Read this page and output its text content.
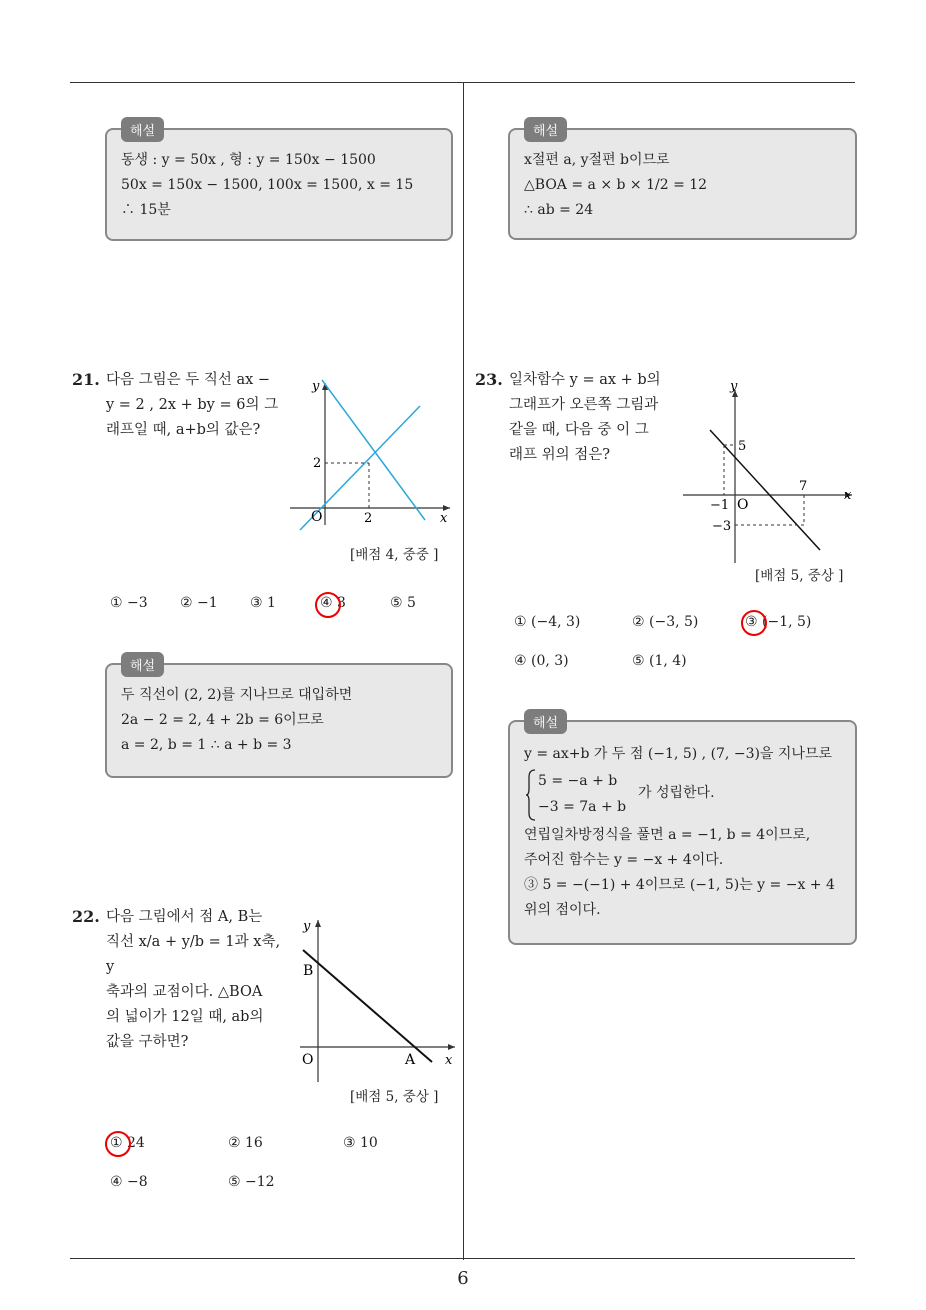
해설
동생 : y = 50x , 형 : y = 150x − 1500
50x = 150x − 1500, 100x = 1500, x = 15
∴ 15분
해설
x절편 a, y절편 b이므로
△BOA = a × b × 1/2 = 12
∴ ab = 24
21. 다음 그림은 두 직선 ax −
y = 2 , 2x + by = 6의 그
래프일 때, a+b의 값은?
y
x
O	2
2
[배점 4, 중중 ]
① −3 ② −1 ③ 1	④ 3	⑤ 5
해설
두 직선이 (2, 2)를 지나므로 대입하면
2a − 2 = 2, 4 + 2b = 6이므로
a = 2, b = 1 ∴ a + b = 3
22. 다음 그림에서 점 A, B는
직선 x/a + y/b = 1과 x축, y
축과의 교점이다. △BOA
의 넓이가 12일 때, ab의
값을 구하면?
y
x
O	A
B
[배점 5, 중상 ]
① 24	② 16	③ 10
④ −8	⑤ −12
23. 일차함수 y = ax + b의
그래프가 오른쪽 그림과
같을 때, 다음 중 이 그
래프 위의 점은?
y
x
O
5
−1
7
−3
[배점 5, 중상 ]
① (−4, 3)	② (−3, 5)	③ (−1, 5)
④ (0, 3)	⑤ (1, 4)
해설
y = ax+b 가 두 점 (−1, 5) , (7, −3)을 지나므로
5 = −a + b
−3 = 7a + b
가 성립한다.
연립일차방정식을 풀면 a = −1, b = 4이므로,
주어진 함수는 y = −x + 4이다.
③ 5 = −(−1) + 4이므로 (−1, 5)는 y = −x + 4
위의 점이다.
6
